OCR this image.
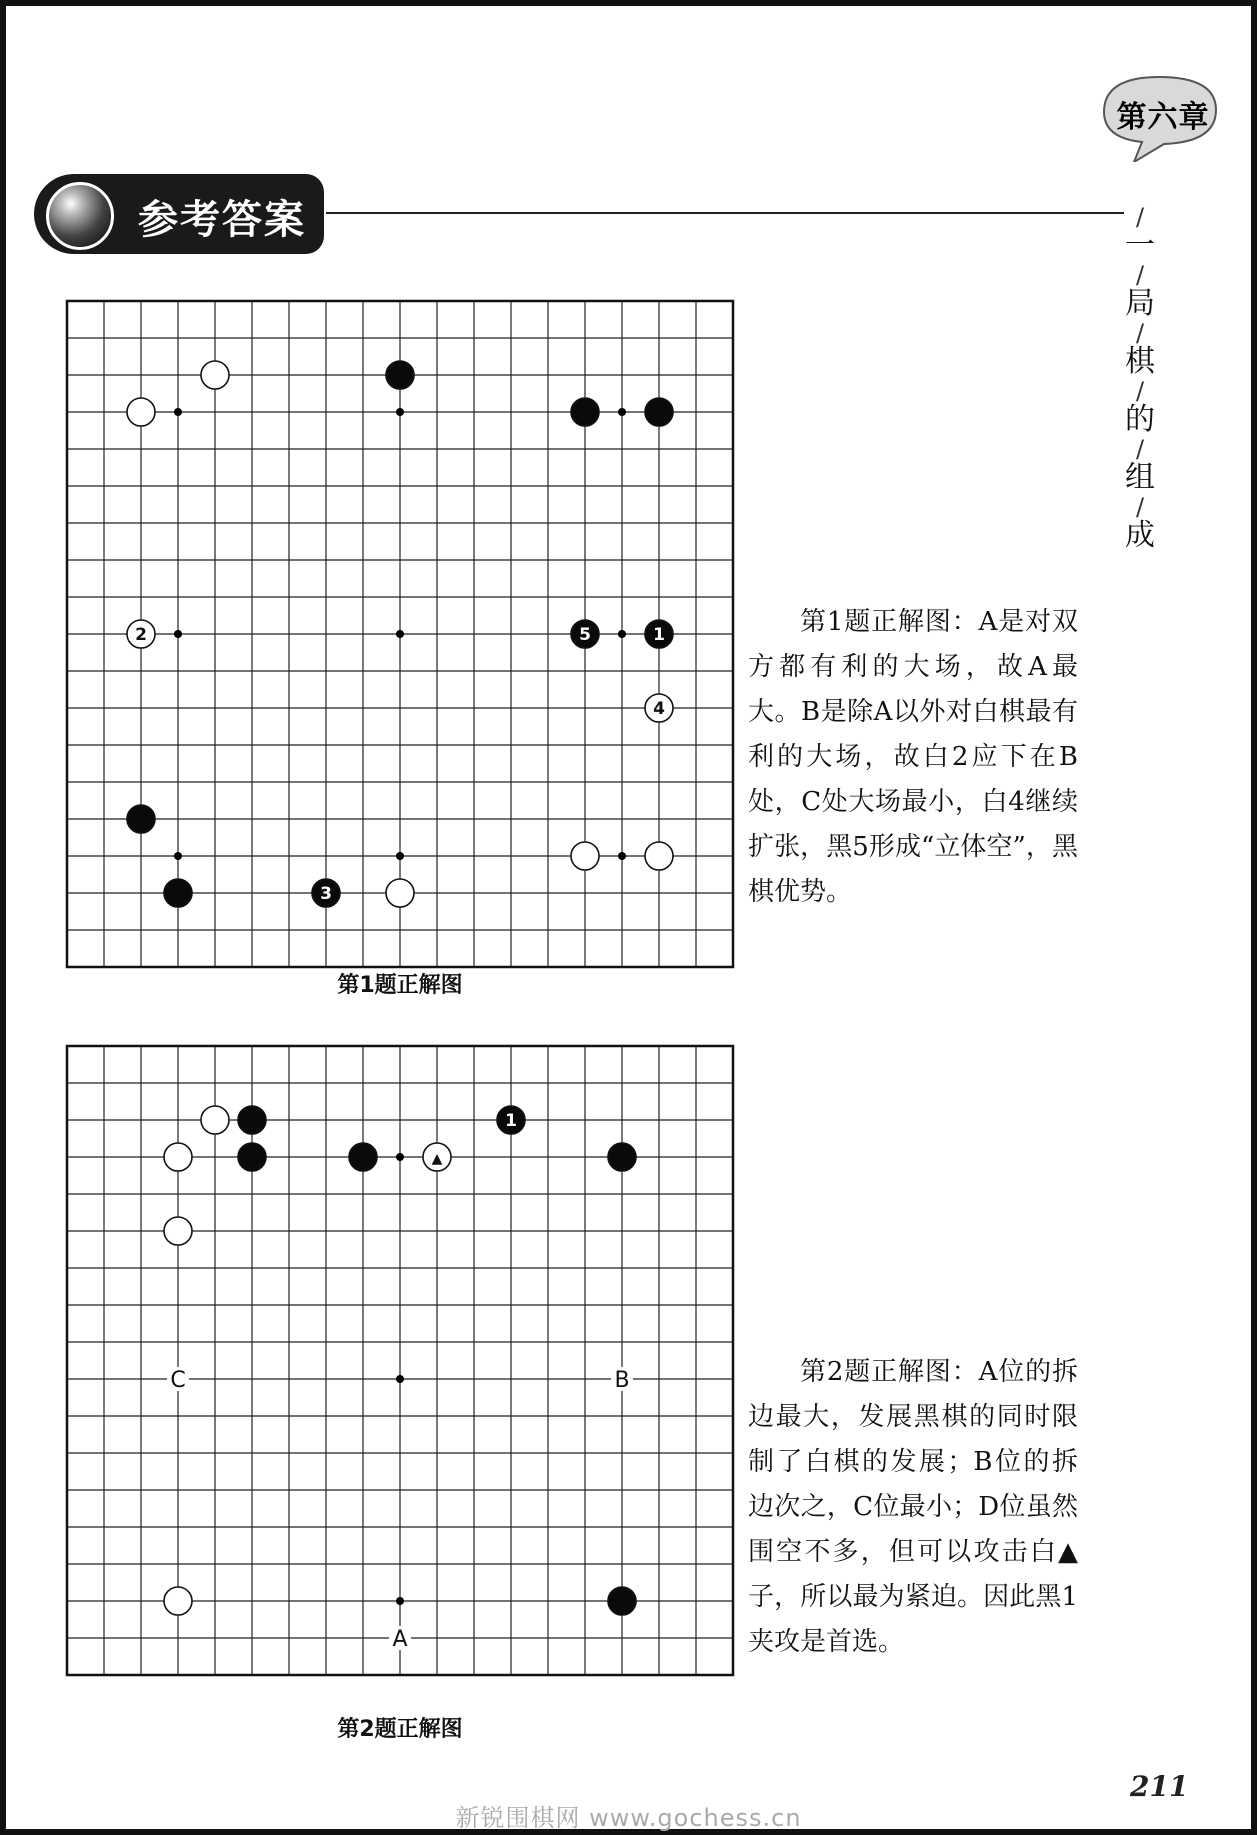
第六章
/
一
/
局
/
棋
/
的
/
组
/
成
参考答案
2	5	1
4
3
第1题正解图
第1题正解图：A是对双方都有利的大场，故A最大。B是除A以外对白棋最有利的大场，故白2应下在B处，C处大场最小，白4继续扩张，黑5形成“立体空”，黑棋优势。
1
▲
C	B
A
第2题正解图
第2题正解图：A位的拆边最大，发展黑棋的同时限制了白棋的发展；B位的拆边次之，C位最小；D位虽然围空不多，但可以攻击白▲子，所以最为紧迫。因此黑1夹攻是首选。
211
新锐围棋网 www.gochess.cn
